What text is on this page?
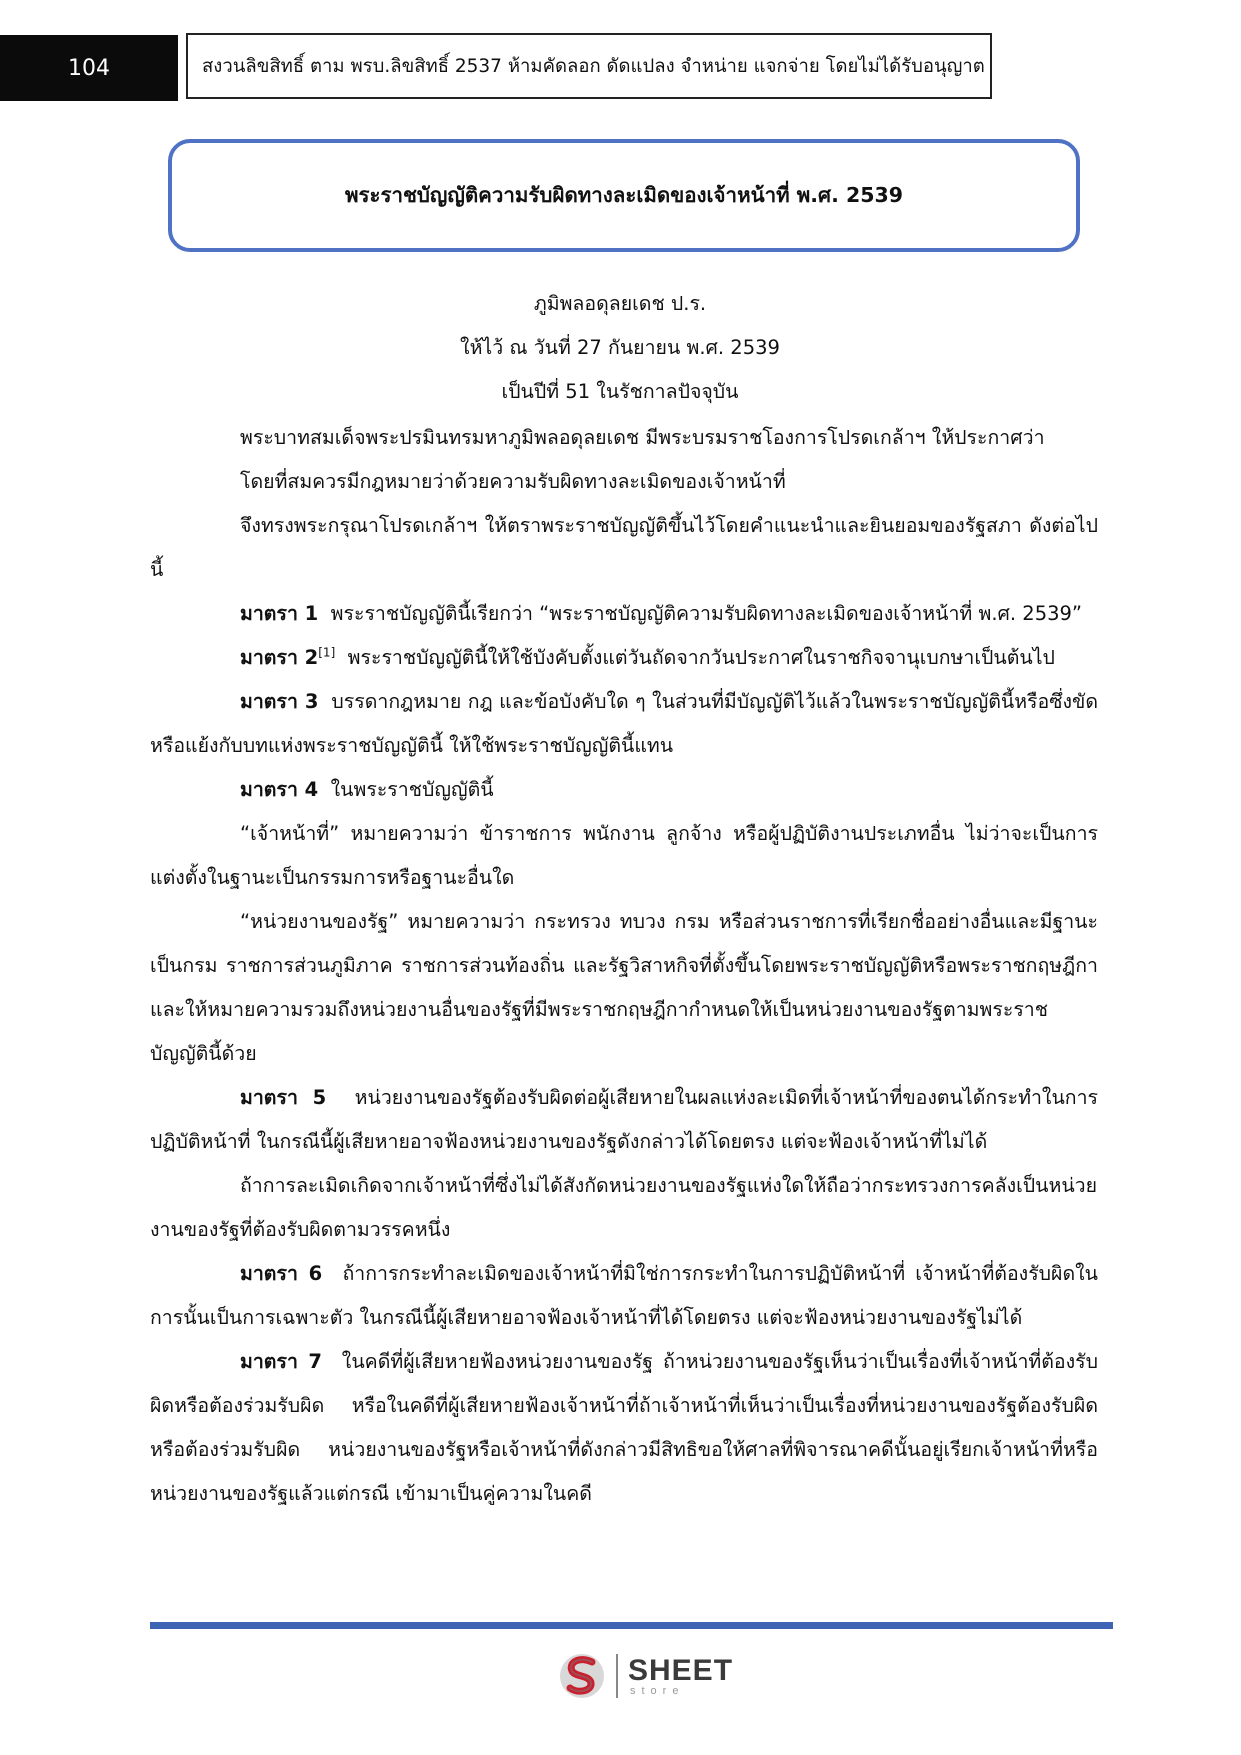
104	สงวนลิขสิทธิ์ ตาม พรบ.ลิขสิทธิ์ 2537 ห้ามคัดลอก ดัดแปลง จำหน่าย แจกจ่าย โดยไม่ได้รับอนุญาต
พระราชบัญญัติความรับผิดทางละเมิดของเจ้าหน้าที่ พ.ศ. 2539
ภูมิพลอดุลยเดช ป.ร.
ให้ไว้ ณ วันที่ 27 กันยายน พ.ศ. 2539
เป็นปีที่ 51 ในรัชกาลปัจจุบัน

พระบาทสมเด็จพระปรมินทรมหาภูมิพลอดุลยเดช มีพระบรมราชโองการโปรดเกล้าฯ ให้ประกาศว่า

โดยที่สมควรมีกฎหมายว่าด้วยความรับผิดทางละเมิดของเจ้าหน้าที่

จึงทรงพระกรุณาโปรดเกล้าฯ ให้ตราพระราชบัญญัติขึ้นไว้โดยคำแนะนำและยินยอมของรัฐสภา ดังต่อไปนี้

มาตรา 1 พระราชบัญญัตินี้เรียกว่า “พระราชบัญญัติความรับผิดทางละเมิดของเจ้าหน้าที่ พ.ศ. 2539”

มาตรา 2[1] พระราชบัญญัตินี้ให้ใช้บังคับตั้งแต่วันถัดจากวันประกาศในราชกิจจานุเบกษาเป็นต้นไป

มาตรา 3 บรรดากฎหมาย กฎ และข้อบังคับใด ๆ ในส่วนที่มีบัญญัติไว้แล้วในพระราชบัญญัตินี้หรือซึ่งขัดหรือแย้งกับบทแห่งพระราชบัญญัตินี้ ให้ใช้พระราชบัญญัตินี้แทน

มาตรา 4 ในพระราชบัญญัตินี้

“เจ้าหน้าที่” หมายความว่า ข้าราชการ พนักงาน ลูกจ้าง หรือผู้ปฏิบัติงานประเภทอื่น ไม่ว่าจะเป็นการแต่งตั้งในฐานะเป็นกรรมการหรือฐานะอื่นใด

“หน่วยงานของรัฐ” หมายความว่า กระทรวง ทบวง กรม หรือส่วนราชการที่เรียกชื่ออย่างอื่นและมีฐานะเป็นกรม ราชการส่วนภูมิภาค ราชการส่วนท้องถิ่น และรัฐวิสาหกิจที่ตั้งขึ้นโดยพระราชบัญญัติหรือพระราชกฤษฎีกา และให้หมายความรวมถึงหน่วยงานอื่นของรัฐที่มีพระราชกฤษฎีกากำหนดให้เป็นหน่วยงานของรัฐตามพระราชบัญญัตินี้ด้วย

มาตรา 5 หน่วยงานของรัฐต้องรับผิดต่อผู้เสียหายในผลแห่งละเมิดที่เจ้าหน้าที่ของตนได้กระทำในการปฏิบัติหน้าที่ ในกรณีนี้ผู้เสียหายอาจฟ้องหน่วยงานของรัฐดังกล่าวได้โดยตรง แต่จะฟ้องเจ้าหน้าที่ไม่ได้

ถ้าการละเมิดเกิดจากเจ้าหน้าที่ซึ่งไม่ได้สังกัดหน่วยงานของรัฐแห่งใดให้ถือว่ากระทรวงการคลังเป็นหน่วยงานของรัฐที่ต้องรับผิดตามวรรคหนึ่ง

มาตรา 6 ถ้าการกระทำละเมิดของเจ้าหน้าที่มิใช่การกระทำในการปฏิบัติหน้าที่ เจ้าหน้าที่ต้องรับผิดในการนั้นเป็นการเฉพาะตัว ในกรณีนี้ผู้เสียหายอาจฟ้องเจ้าหน้าที่ได้โดยตรง แต่จะฟ้องหน่วยงานของรัฐไม่ได้

มาตรา 7 ในคดีที่ผู้เสียหายฟ้องหน่วยงานของรัฐ ถ้าหน่วยงานของรัฐเห็นว่าเป็นเรื่องที่เจ้าหน้าที่ต้องรับผิดหรือต้องร่วมรับผิด หรือในคดีที่ผู้เสียหายฟ้องเจ้าหน้าที่ถ้าเจ้าหน้าที่เห็นว่าเป็นเรื่องที่หน่วยงานของรัฐต้องรับผิดหรือต้องร่วมรับผิด หน่วยงานของรัฐหรือเจ้าหน้าที่ดังกล่าวมีสิทธิขอให้ศาลที่พิจารณาคดีนั้นอยู่เรียกเจ้าหน้าที่หรือหน่วยงานของรัฐแล้วแต่กรณี เข้ามาเป็นคู่ความในคดี

SHEET
store
